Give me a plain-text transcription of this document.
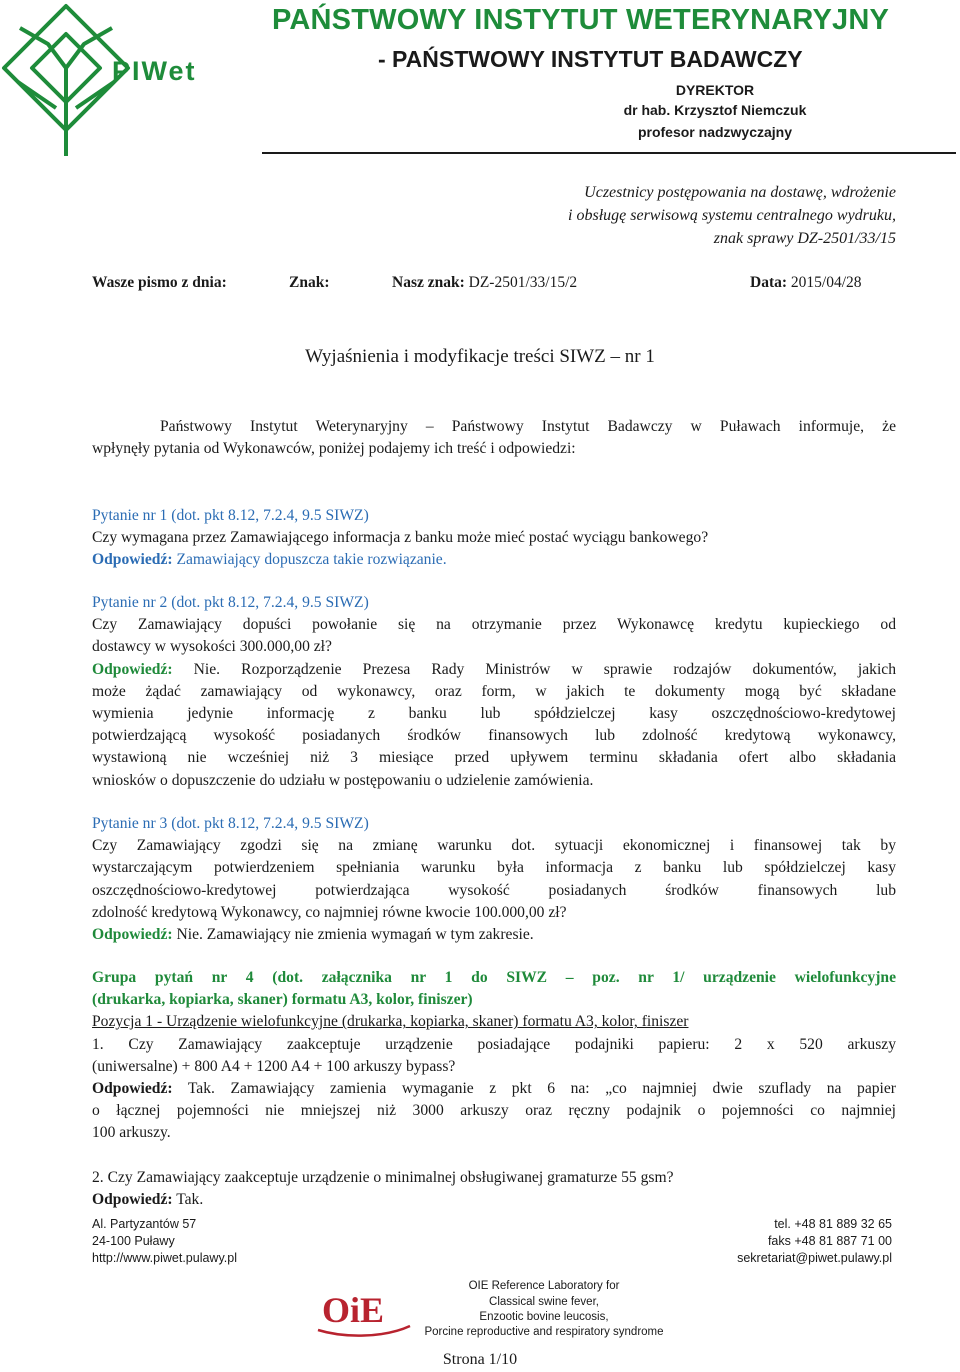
PIWet
PAŃSTWOWY INSTYTUT WETERYNARYJNY
- PAŃSTWOWY INSTYTUT BADAWCZY
DYREKTOR
dr hab. Krzysztof Niemczuk
profesor nadzwyczajny
Uczestnicy postępowania na dostawę, wdrożenie
i obsługę serwisową systemu centralnego wydruku,
znak sprawy DZ-2501/33/15
Wasze pismo z dnia:	Znak:	Nasz znak: DZ-2501/33/15/2	Data: 2015/04/28
Wyjaśnienia i modyfikacje treści SIWZ – nr 1

Państwowy Instytut Weterynaryjny – Państwowy Instytut Badawczy w Puławach informuje, że

wpłynęły pytania od Wykonawców, poniżej podajemy ich treść i odpowiedzi:

Pytanie nr 1 (dot. pkt 8.12, 7.2.4, 9.5 SIWZ)

Czy wymagana przez Zamawiającego informacja z banku może mieć postać wyciągu bankowego?

Odpowiedź: Zamawiający dopuszcza takie rozwiązanie.

Pytanie nr 2 (dot. pkt 8.12, 7.2.4, 9.5 SIWZ)

Czy Zamawiający dopuści powołanie się na otrzymanie przez Wykonawcę kredytu kupieckiego od

dostawcy w wysokości 300.000,00 zł?

Odpowiedź: Nie. Rozporządzenie Prezesa Rady Ministrów w sprawie rodzajów dokumentów, jakich

może żądać zamawiający od wykonawcy, oraz form, w jakich te dokumenty mogą być składane

wymienia jedynie informację z banku lub spółdzielczej kasy oszczędnościowo-kredytowej

potwierdzającą wysokość posiadanych środków finansowych lub zdolność kredytową wykonawcy,

wystawioną nie wcześniej niż 3 miesiące przed upływem terminu składania ofert albo składania

wniosków o dopuszczenie do udziału w postępowaniu o udzielenie zamówienia.

Pytanie nr 3 (dot. pkt 8.12, 7.2.4, 9.5 SIWZ)

Czy Zamawiający zgodzi się na zmianę warunku dot. sytuacji ekonomicznej i finansowej tak by

wystarczającym potwierdzeniem spełniania warunku była informacja z banku lub spółdzielczej kasy

oszczędnościowo-kredytowej potwierdzająca wysokość posiadanych środków finansowych lub

zdolność kredytową Wykonawcy, co najmniej równe kwocie 100.000,00 zł?

Odpowiedź: Nie. Zamawiający nie zmienia wymagań w tym zakresie.

Grupa pytań nr 4 (dot. załącznika nr 1 do SIWZ – poz. nr 1/ urządzenie wielofunkcyjne

(drukarka, kopiarka, skaner) formatu A3, kolor, finiszer)

Pozycja 1 - Urządzenie wielofunkcyjne (drukarka, kopiarka, skaner) formatu A3, kolor, finiszer

1. Czy Zamawiający zaakceptuje urządzenie posiadające podajniki papieru: 2 x 520 arkuszy

(uniwersalne) + 800 A4 + 1200 A4 + 100 arkuszy bypass?

Odpowiedź: Tak. Zamawiający zamienia wymaganie z pkt 6 na: „co najmniej dwie szuflady na papier

o łącznej pojemności nie mniejszej niż 3000 arkuszy oraz ręczny podajnik o pojemności co najmniej

100 arkuszy.

2. Czy Zamawiający zaakceptuje urządzenie o minimalnej obsługiwanej gramaturze 55 gsm?

Odpowiedź: Tak.

Al. Partyzantów 57
24-100 Puławy
http://www.piwet.pulawy.pl
tel. +48 81 889 32 65
faks +48 81 887 71 00
sekretariat@piwet.pulawy.pl
OiE
OIE Reference Laboratory for
Classical swine fever,
Enzootic bovine leucosis,
Porcine reproductive and respiratory syndrome
Strona 1/10
